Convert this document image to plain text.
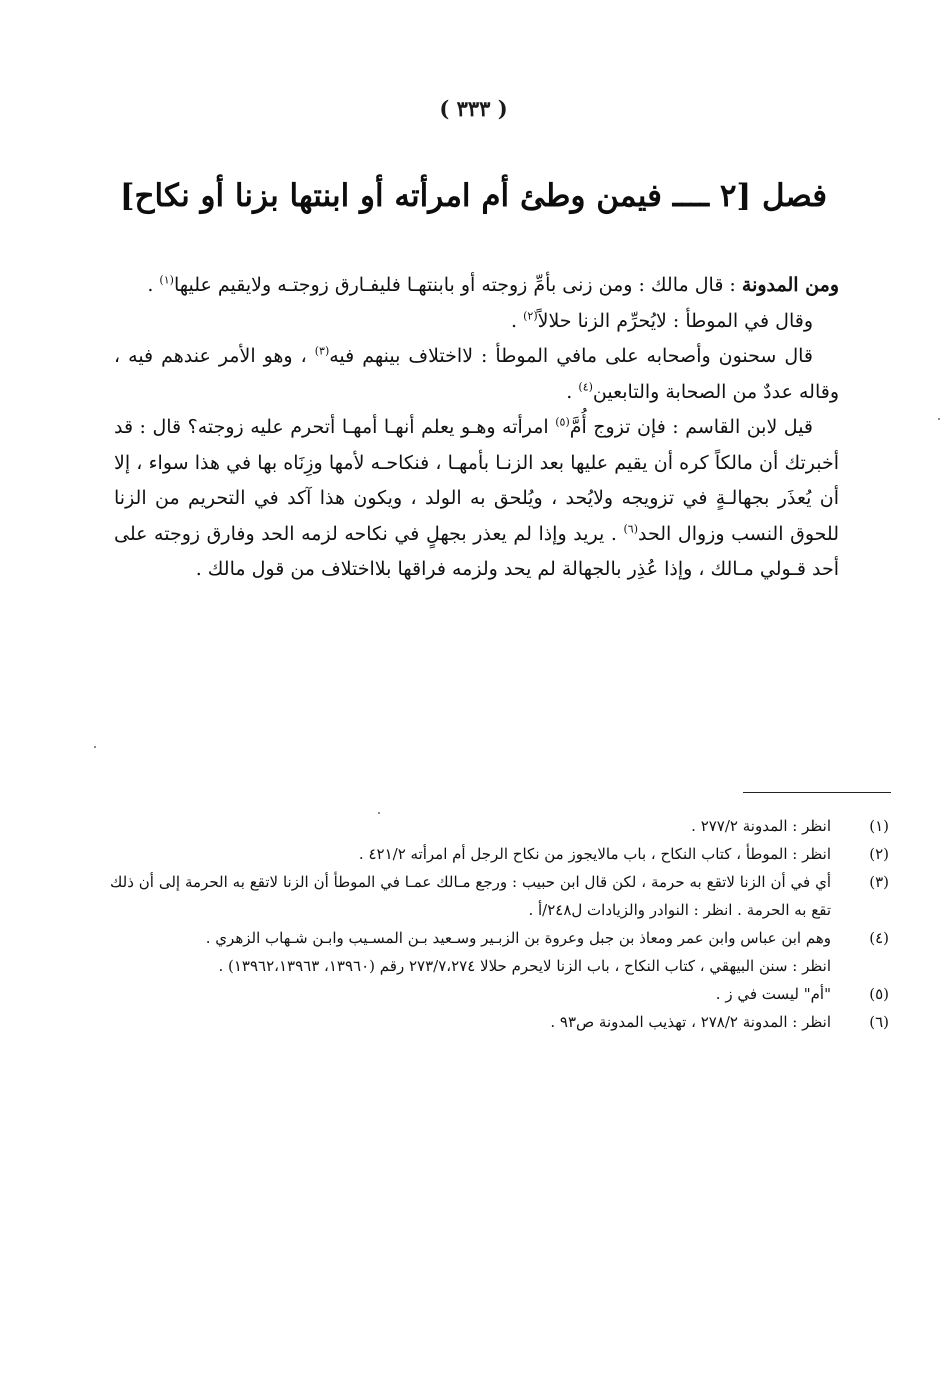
( ٣٣٣ )
فصل [٢ ــــ فيمن وطئ أم امرأته أو ابنتها بزنا أو نكاح]

ومن المدونة : قال مالك : ومن زنى بأمِّ زوجته أو بابنتهـا فليفـارق زوجتـه ولايقيم عليها$^{(١)}$ .

وقال في الموطأ : لايُحرِّم الزنا حلالاً$^{(٢)}$ .

قال سحنون وأصحابه على مافي الموطأ : لااختلاف بينهم فيه$^{(٣)}$ ، وهو الأمر عندهم فيه ، وقاله عددٌ من الصحابة والتابعين$^{(٤)}$ .

قيل لابن القاسم : فإن تزوج أُمَّ$^{(٥)}$ امرأته وهـو يعلم أنهـا أمهـا أتحرم عليه زوجته؟ قال : قد أخبرتك أن مالكاً كره أن يقيم عليها بعد الزنـا بأمهـا ، فنكاحـه لأمها وزِنَاه بها في هذا سواء ، إلا أن يُعذَر بجهالـةٍ في تزويجه ولايُحد ، ويُلحق به الولد ، ويكون هذا آكد في التحريم من الزنا للحوق النسب وزوال الحد$^{(٦)}$ . يريد وإذا لم يعذر بجهلٍ في نكاحه لزمه الحد وفارق زوجته على أحد قـولي مـالك ، وإذا عُذِر بالجهالة لم يحد ولزمه فراقها بلااختلاف من قول مالك .

(١)
انظر : المدونة ٢٧٧/٢ .
(٢)
انظر : الموطأ ، كتاب النكاح ، باب مالايجوز من نكاح الرجل أم امرأته ٤٢١/٢ .
(٣)
أي في أن الزنا لاتقع به حرمة ، لكن قال ابن حبيب : ورجع مـالك عمـا في الموطأ أن الزنا لاتقع به الحرمة إلى أن ذلك تقع به الحرمة . انظر : النوادر والزيادات ل٢٤٨/أ .
(٤)
وهم ابن عباس وابن عمر ومعاذ بن جبل وعروة بن الزبـير وسـعيد بـن المسـيب وابـن شـهاب الزهري .
انظر : سنن البيهقي ، كتاب النكاح ، باب الزنا لايحرم حلالا ٢٧٣/٧،٢٧٤ رقم (١٣٩٦٠، ١٣٩٦٢،١٣٩٦٣) .
(٥)
"أم" ليست في ز .
(٦)
انظر : المدونة ٢٧٨/٢ ، تهذيب المدونة ص٩٣ .
